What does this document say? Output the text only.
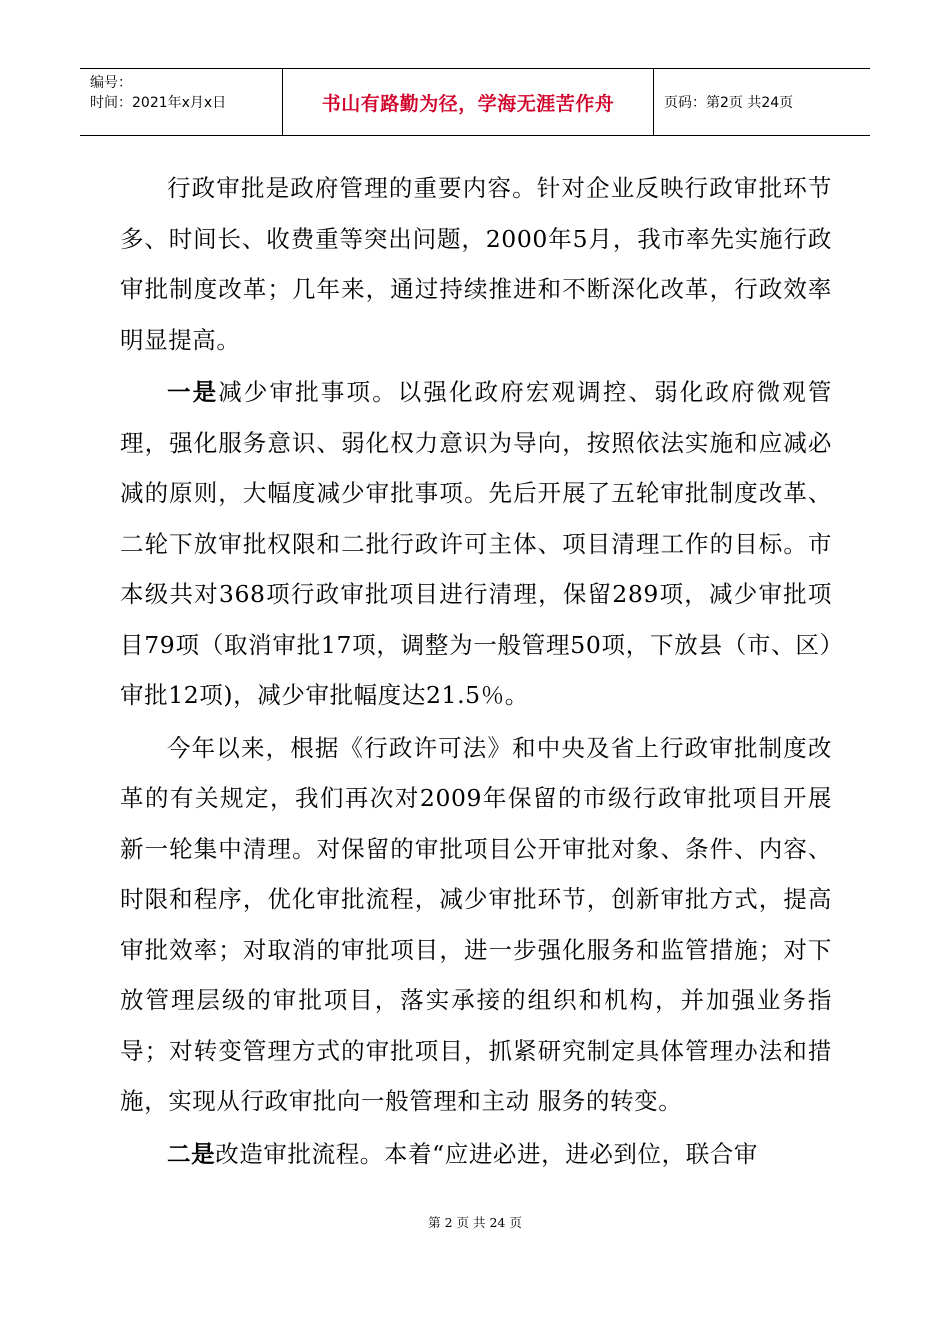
编号：
时间：2021年x月x日	书山有路勤为径，学海无涯苦作舟	页码：第2页 共24页

行政审批是政府管理的重要内容。针对企业反映行政审批环节多、时间长、收费重等突出问题，2000年5月，我市率先实施行政审批制度改革；几年来，通过持续推进和不断深化改革，行政效率明显提高。

一是减少审批事项。以强化政府宏观调控、弱化政府微观管理，强化服务意识、弱化权力意识为导向，按照依法实施和应减必减的原则，大幅度减少审批事项。先后开展了五轮审批制度改革、二轮下放审批权限和二批行政许可主体、项目清理工作的目标。市本级共对368项行政审批项目进行清理，保留289项，减少审批项目79项（取消审批17项，调整为一般管理50项，下放县（市、区）审批12项)，减少审批幅度达21.5％。

今年以来，根据《行政许可法》和中央及省上行政审批制度改革的有关规定，我们再次对2009年保留的市级行政审批项目开展新一轮集中清理。对保留的审批项目公开审批对象、条件、内容、时限和程序，优化审批流程，减少审批环节，创新审批方式，提高审批效率；对取消的审批项目，进一步强化服务和监管措施；对下放管理层级的审批项目，落实承接的组织和机构，并加强业务指导；对转变管理方式的审批项目，抓紧研究制定具体管理办法和措施，实现从行政审批向一般管理和主动 服务的转变。

二是改造审批流程。本着“应进必进，进必到位，联合审

第 2 页 共 24 页
